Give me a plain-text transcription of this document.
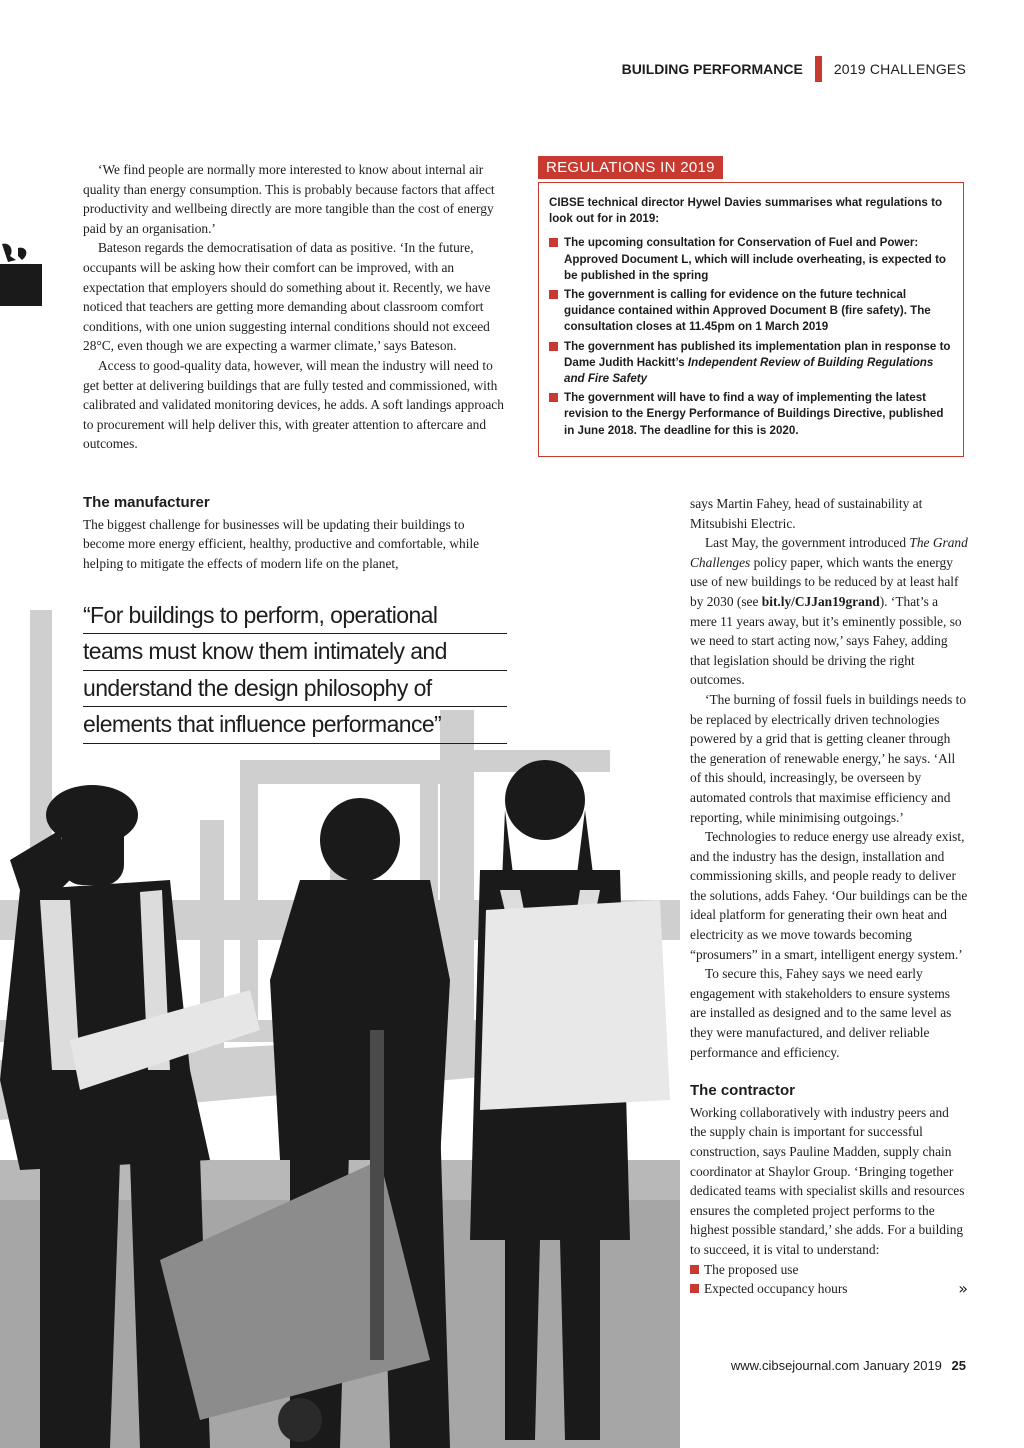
BUILDING PERFORMANCE 2019 CHALLENGES

‘We find people are normally more interested to know about internal air quality than energy consumption. This is probably because factors that affect productivity and wellbeing directly are more tangible than the cost of energy paid by an organisation.’

Bateson regards the democratisation of data as positive. ‘In the future, occupants will be asking how their comfort can be improved, with an expectation that employers should do something about it. Recently, we have noticed that teachers are getting more demanding about classroom comfort conditions, with one union suggesting internal conditions should not exceed 28°C, even though we are expecting a warmer climate,’ says Bateson.

Access to good-quality data, however, will mean the industry will need to get better at delivering buildings that are fully tested and commissioned, with calibrated and validated monitoring devices, he adds. A soft landings approach to procurement will help deliver this, with greater attention to aftercare and outcomes.

The manufacturer

The biggest challenge for businesses will be updating their buildings to become more energy efficient, healthy, productive and comfortable, while helping to mitigate the effects of modern life on the planet,

REGULATIONS IN 2019

CIBSE technical director Hywel Davies summarises what regulations to look out for in 2019:

The upcoming consultation for Conservation of Fuel and Power: Approved Document L, which will include overheating, is expected to be published in the spring
The government is calling for evidence on the future technical guidance contained within Approved Document B (fire safety). The consultation closes at 11.45pm on 1 March 2019
The government has published its implementation plan in response to Dame Judith Hackitt’s Independent Review of Building Regulations and Fire Safety
The government will have to find a way of implementing the latest revision to the Energy Performance of Buildings Directive, published in June 2018. The deadline for this is 2020.
“For buildings to perform, operational
teams must know them intimately and
understand the design philosophy of
elements that influence performance”

says Martin Fahey, head of sustainability at Mitsubishi Electric.

Last May, the government introduced The Grand Challenges policy paper, which wants the energy use of new buildings to be reduced by at least half by 2030 (see bit.ly/CJJan19grand). ‘That’s a mere 11 years away, but it’s eminently possible, so we need to start acting now,’ says Fahey, adding that legislation should be driving the right outcomes.

‘The burning of fossil fuels in buildings needs to be replaced by electrically driven technologies powered by a grid that is getting cleaner through the generation of renewable energy,’ he says. ‘All of this should, increasingly, be overseen by automated controls that maximise efficiency and reporting, while minimising outgoings.’

Technologies to reduce energy use already exist, and the industry has the design, installation and commissioning skills, and people ready to deliver the solutions, adds Fahey. ‘Our buildings can be the ideal platform for generating their own heat and electricity as we move towards becoming “prosumers” in a smart, intelligent energy system.’

To secure this, Fahey says we need early engagement with stakeholders to ensure systems are installed as designed and to the same level as they were manufactured, and deliver reliable performance and efficiency.

The contractor

Working collaboratively with industry peers and the supply chain is important for successful construction, says Pauline Madden, supply chain coordinator at Shaylor Group. ‘Bringing together dedicated teams with specialist skills and resources ensures the completed project performs to the highest possible standard,’ she adds. For a building to succeed, it is vital to understand:

The proposed use
Expected occupancy hours	»
www.cibsejournal.com January 2019 25
